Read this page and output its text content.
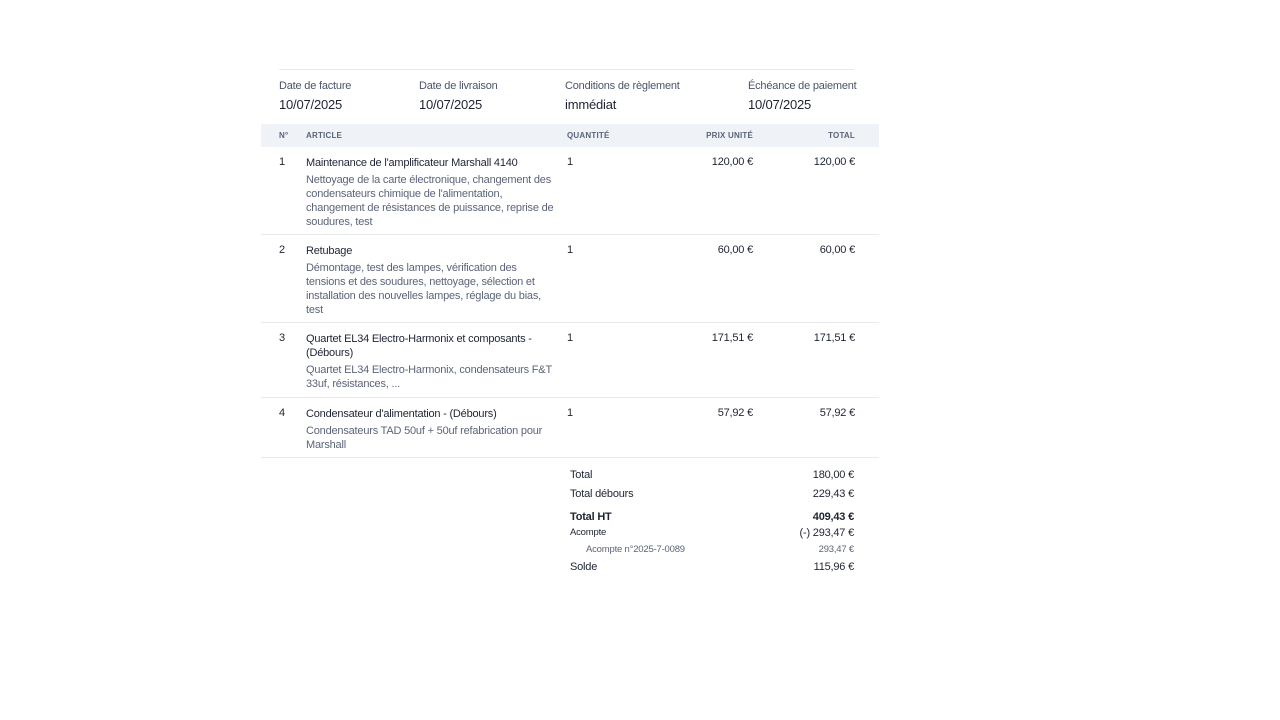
Date de facture
10/07/2025
Date de livraison
10/07/2025
Conditions de règlement
immédiat
Échéance de paiement
10/07/2025
N° ARTICLE	QUANTITÉ	PRIX UNITÉ	TOTAL
1 Maintenance de l'amplificateur Marshall 4140
Nettoyage de la carte électronique, changement des condensateurs chimique de l'alimentation, changement de résistances de puissance, reprise de soudures, test
1	120,00 €	120,00 €
2 Retubage
Démontage, test des lampes, vérification des tensions et des soudures, nettoyage, sélection et installation des nouvelles lampes, réglage du bias, test
1	60,00 €	60,00 €
3 Quartet EL34 Electro-Harmonix et composants - (Débours)
Quartet EL34 Electro-Harmonix, condensateurs F&T 33uf, résistances, ...
1	171,51 €	171,51 €
4 Condensateur d'alimentation - (Débours)
Condensateurs TAD 50uf + 50uf refabrication pour Marshall
1	57,92 €	57,92 €
Total	180,00 €
Total débours	229,43 €
Total HT	409,43 €
Acompte	(-) 293,47 €
Acompte n°2025-7-0089	293,47 €
Solde	115,96 €
